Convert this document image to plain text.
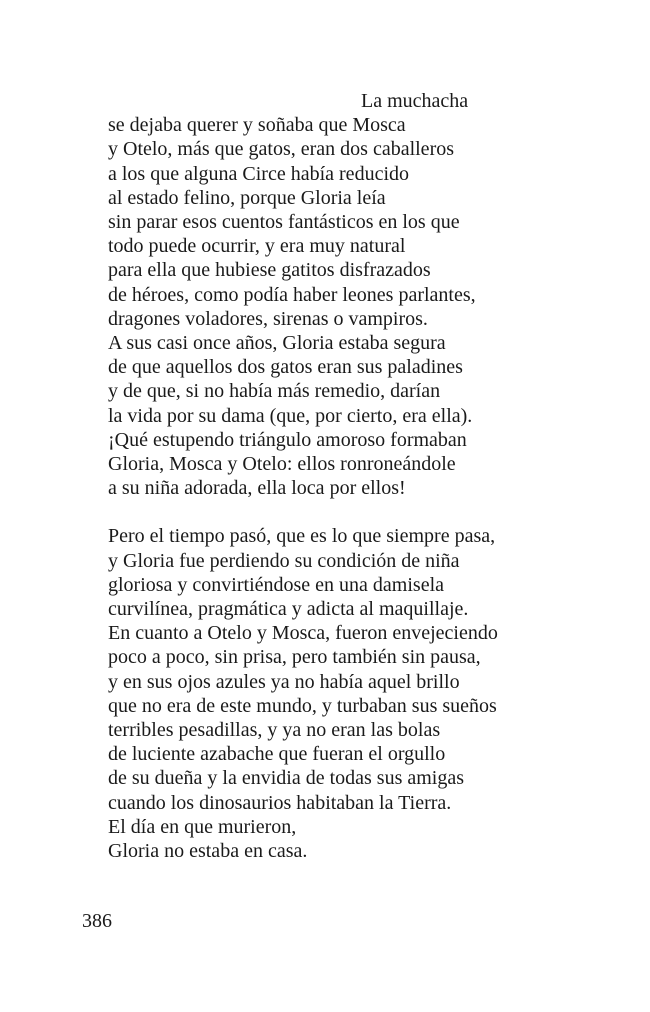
La muchacha
se dejaba querer y soñaba que Mosca
y Otelo, más que gatos, eran dos caballeros
a los que alguna Circe había reducido
al estado felino, porque Gloria leía
sin parar esos cuentos fantásticos en los que
todo puede ocurrir, y era muy natural
para ella que hubiese gatitos disfrazados
de héroes, como podía haber leones parlantes,
dragones voladores, sirenas o vampiros.
A sus casi once años, Gloria estaba segura
de que aquellos dos gatos eran sus paladines
y de que, si no había más remedio, darían
la vida por su dama (que, por cierto, era ella).
¡Qué estupendo triángulo amoroso formaban
Gloria, Mosca y Otelo: ellos ronroneándole
a su niña adorada, ella loca por ellos!
Pero el tiempo pasó, que es lo que siempre pasa,
y Gloria fue perdiendo su condición de niña
gloriosa y convirtiéndose en una damisela
curvilínea, pragmática y adicta al maquillaje.
En cuanto a Otelo y Mosca, fueron envejeciendo
poco a poco, sin prisa, pero también sin pausa,
y en sus ojos azules ya no había aquel brillo
que no era de este mundo, y turbaban sus sueños
terribles pesadillas, y ya no eran las bolas
de luciente azabache que fueran el orgullo
de su dueña y la envidia de todas sus amigas
cuando los dinosaurios habitaban la Tierra.
El día en que murieron,
Gloria no estaba en casa.
386
